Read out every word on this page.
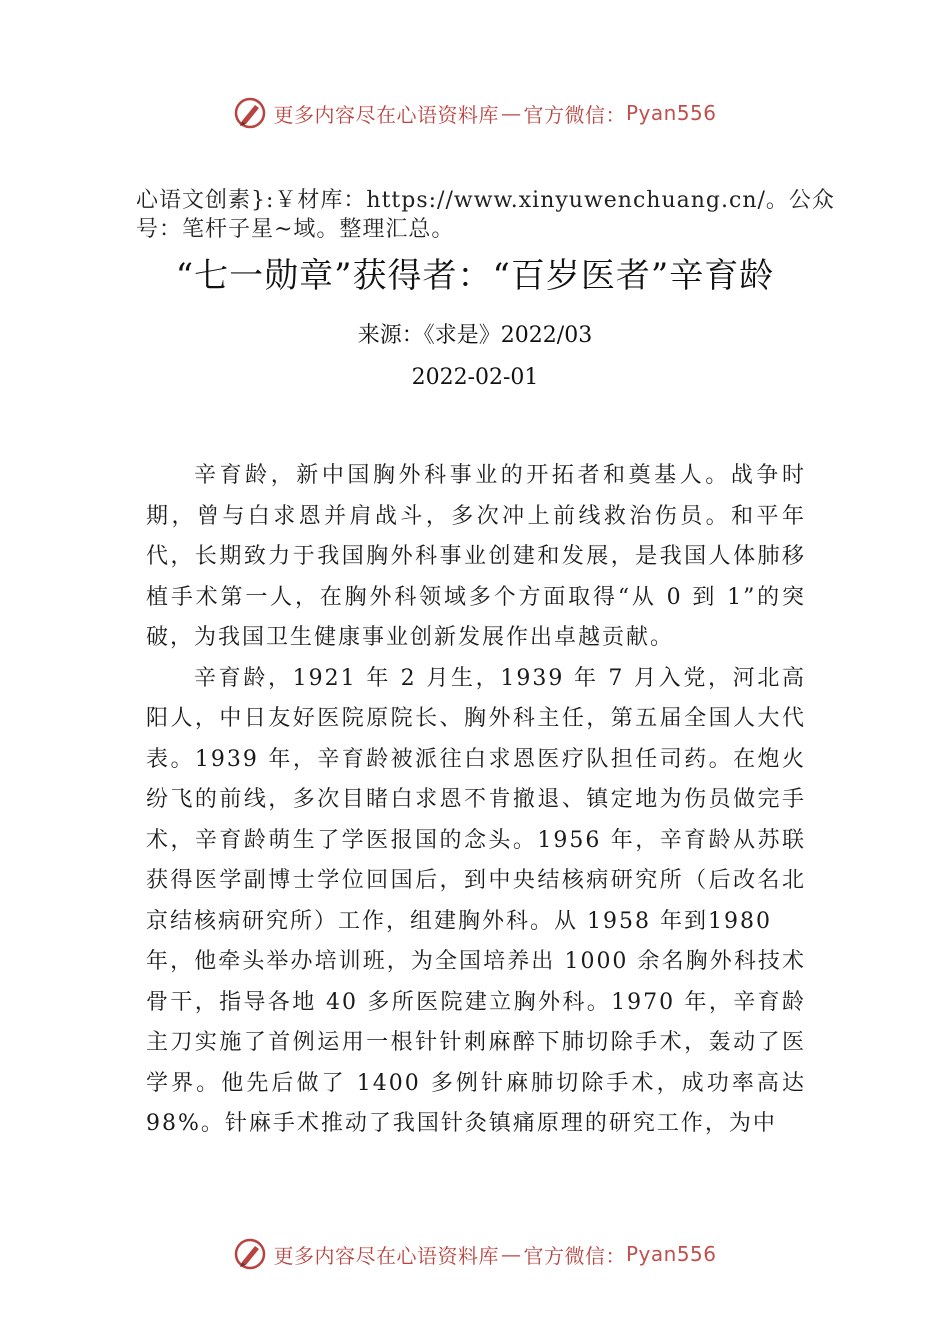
更多内容尽在心语资料库 — 官方微信 ： Pyan556
心语文创素}:￥材库：https://www.xinyuwenchuang.cn/。公众号：笔杆子星~域。整理汇总。
“七一勋章”获得者：“百岁医者”辛育龄
来源：《求是》2022/03
2022-02-01

辛育龄，新中国胸外科事业的开拓者和奠基人。战争时期，曾与白求恩并肩战斗，多次冲上前线救治伤员。和平年代，长期致力于我国胸外科事业创建和发展，是我国人体肺移植手术第一人，在胸外科领域多个方面取得“从 0 到 1”的突破，为我国卫生健康事业创新发展作出卓越贡献。

辛育龄，1921 年 2 月生，1939 年 7 月入党，河北高阳人，中日友好医院原院长、胸外科主任，第五届全国人大代表。1939 年，辛育龄被派往白求恩医疗队担任司药。在炮火纷飞的前线，多次目睹白求恩不肯撤退、镇定地为伤员做完手术，辛育龄萌生了学医报国的念头。1956 年，辛育龄从苏联获得医学副博士学位回国后，到中央结核病研究所（后改名北京结核病研究所）工作，组建胸外科。从 1958 年到1980

年，他牵头举办培训班，为全国培养出 1000 余名胸外科技术骨干，指导各地 40 多所医院建立胸外科。1970 年，辛育龄主刀实施了首例运用一根针针刺麻醉下肺切除手术，轰动了医学界。他先后做了 1400 多例针麻肺切除手术，成功率高达98%。针麻手术推动了我国针灸镇痛原理的研究工作，为中

更多内容尽在心语资料库 — 官方微信 ： Pyan556
